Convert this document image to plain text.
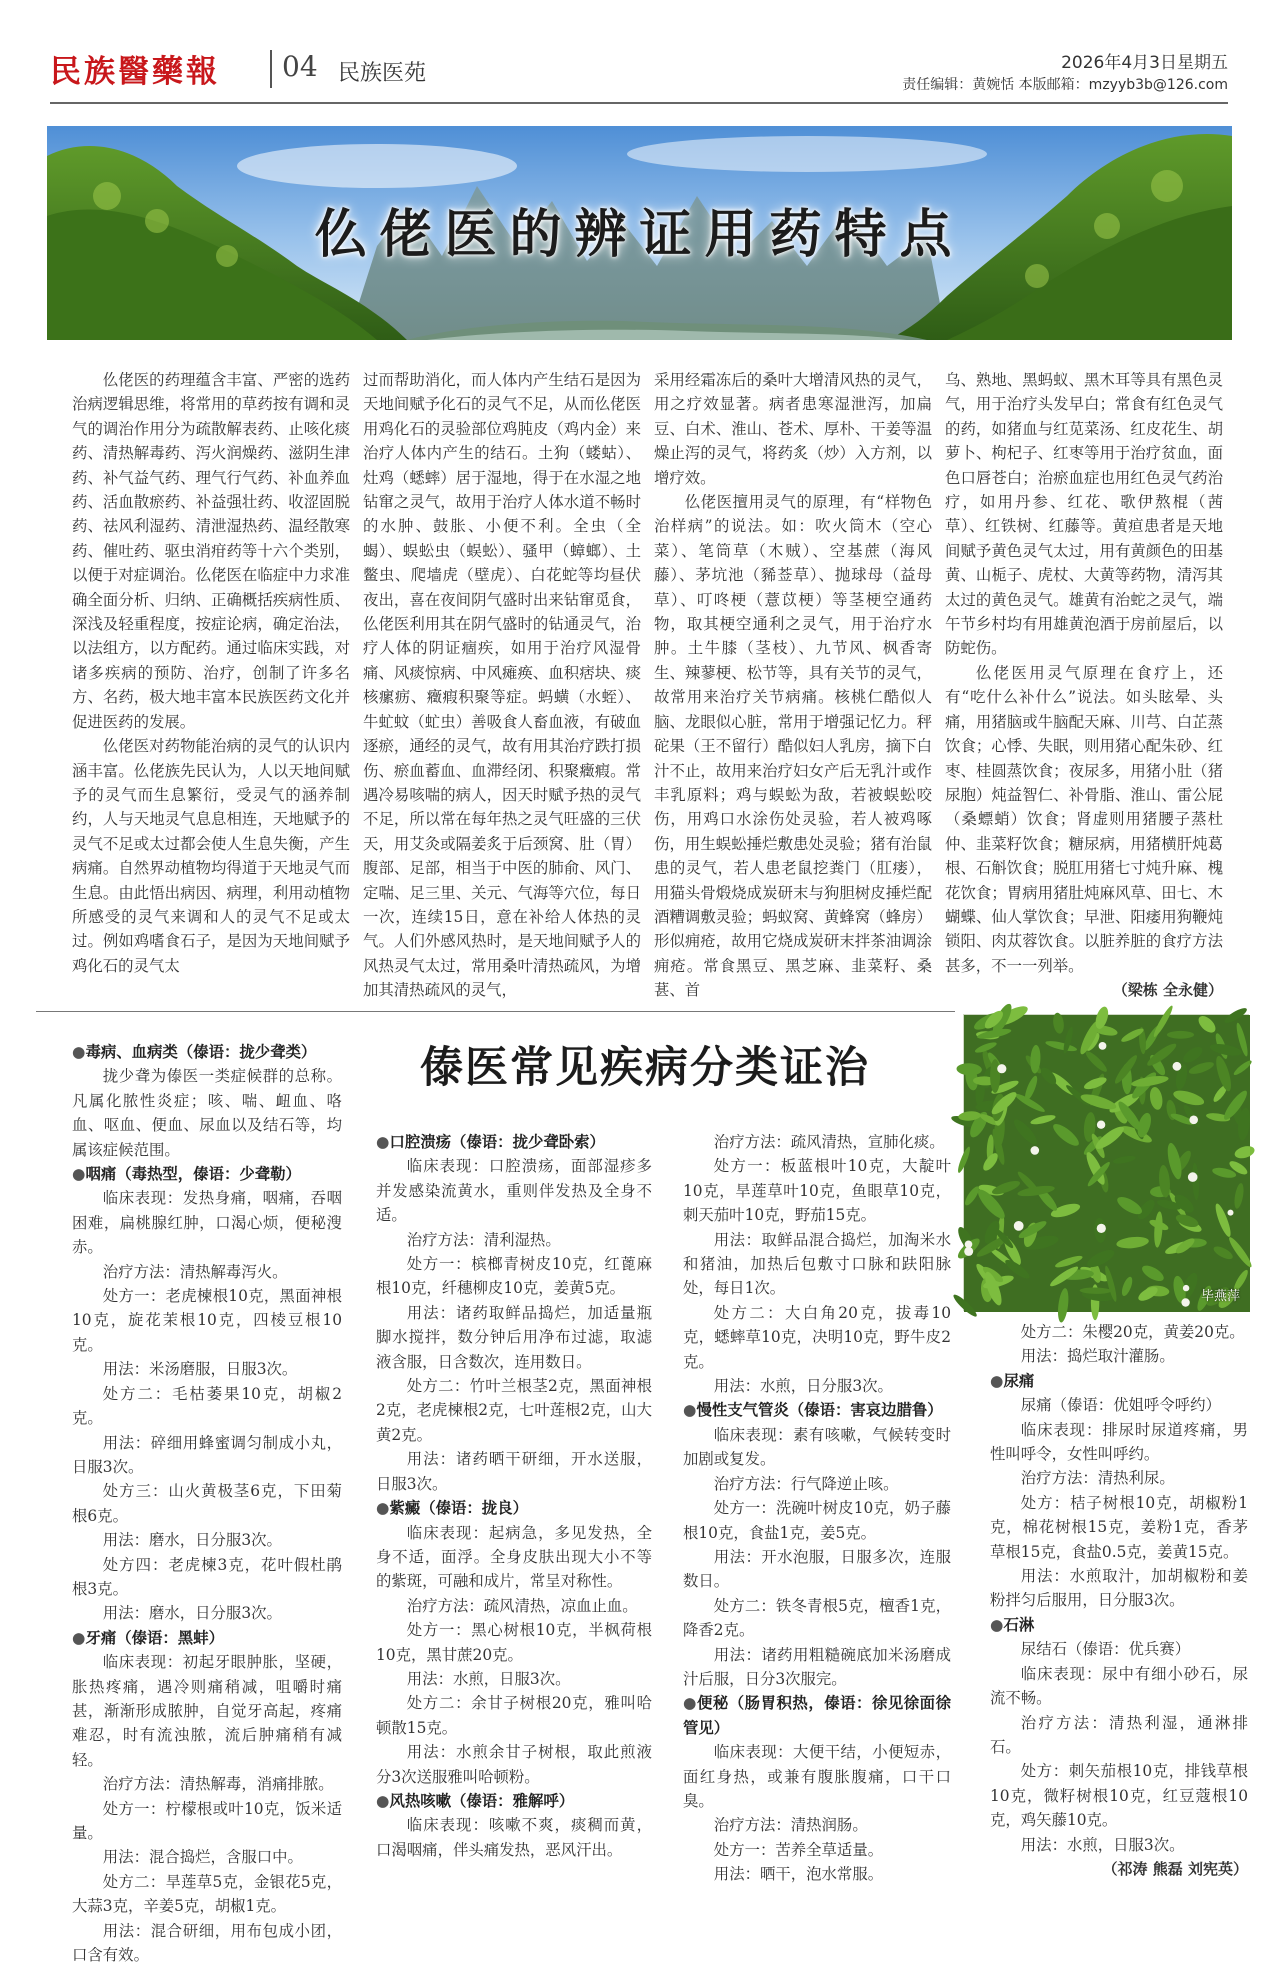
民族醫藥報 04 民族医苑	2026年4月3日星期五
责任编辑：黄婉恬 本版邮箱：mzyyb3b@126.com
仫佬医的辨证用药特点

仫佬医的药理蕴含丰富、严密的选药治病逻辑思维，将常用的草药按有调和灵气的调治作用分为疏散解表药、止咳化痰药、清热解毒药、泻火润燥药、滋阴生津药、补气益气药、理气行气药、补血养血药、活血散瘀药、补益强壮药、收涩固脱药、祛风利湿药、清泄湿热药、温经散寒药、催吐药、驱虫消疳药等十六个类别，以便于对症调治。仫佬医在临症中力求准确全面分析、归纳、正确概括疾病性质、深浅及轻重程度，按症论病，确定治法，以法组方，以方配药。通过临床实践，对诸多疾病的预防、治疗，创制了许多名方、名药，极大地丰富本民族医药文化并促进医药的发展。

仫佬医对药物能治病的灵气的认识内涵丰富。仫佬族先民认为，人以天地间赋予的灵气而生息繁衍，受灵气的涵养制约，人与天地灵气息息相连，天地赋予的灵气不足或太过都会使人生息失衡，产生病痛。自然界动植物均得道于天地灵气而生息。由此悟出病因、病理，利用动植物所感受的灵气来调和人的灵气不足或太过。例如鸡嗜食石子，是因为天地间赋予鸡化石的灵气太

过而帮助消化，而人体内产生结石是因为天地间赋予化石的灵气不足，从而仫佬医用鸡化石的灵验部位鸡肫皮（鸡内金）来治疗人体内产生的结石。土狗（蝼蛄）、灶鸡（蟋蟀）居于湿地，得于在水湿之地钻窜之灵气，故用于治疗人体水道不畅时的水肿、鼓胀、小便不利。全虫（全蝎）、蜈蚣虫（蜈蚣）、骚甲（蟑螂）、土鳖虫、爬墙虎（壁虎）、白花蛇等均昼伏夜出，喜在夜间阴气盛时出来钻窜觅食，仫佬医利用其在阴气盛时的钻通灵气，治疗人体的阴证痼疾，如用于治疗风湿骨痛、风痰惊病、中风瘫痪、血积痞块、痰核瘰疬、癥瘕积聚等症。蚂蟥（水蛭）、牛虻蚊（虻虫）善吸食人畜血液，有破血逐瘀，通经的灵气，故有用其治疗跌打损伤、瘀血蓄血、血滞经闭、积聚癥瘕。常遇冷易咳喘的病人，因天时赋予热的灵气不足，所以常在每年热之灵气旺盛的三伏天，用艾灸或隔姜炙于后颈窝、肚（胃）腹部、足部，相当于中医的肺俞、风门、定喘、足三里、关元、气海等穴位，每日一次，连续15日，意在补给人体热的灵气。人们外感风热时，是天地间赋予人的风热灵气太过，常用桑叶清热疏风，为增加其清热疏风的灵气，

采用经霜冻后的桑叶大增清风热的灵气，用之疗效显著。病者患寒湿泄泻，加扁豆、白术、淮山、苍术、厚朴、干姜等温燥止泻的灵气，将药炙（炒）入方剂，以增疗效。

仫佬医擅用灵气的原理，有“样物色治样病”的说法。如：吹火筒木（空心菜）、笔筒草（木贼）、空基蔗（海风藤）、茅坑池（豨莶草）、抛球母（益母草）、叮咚梗（薏苡梗）等茎梗空通药物，取其梗空通利之灵气，用于治疗水肿。土牛膝（茎枝）、九节风、枫香寄生、辣蓼梗、松节等，具有关节的灵气，故常用来治疗关节病痛。核桃仁酷似人脑、龙眼似心脏，常用于增强记忆力。秤砣果（王不留行）酷似妇人乳房，摘下白汁不止，故用来治疗妇女产后无乳汁或作丰乳原料；鸡与蜈蚣为敌，若被蜈蚣咬伤，用鸡口水涂伤处灵验，若人被鸡啄伤，用生蜈蚣捶烂敷患处灵验；猪有治鼠患的灵气，若人患老鼠挖粪门（肛瘘），用猫头骨煅烧成炭研末与狗胆树皮捶烂配酒糟调敷灵验；蚂蚁窝、黄蜂窝（蜂房）形似痈疮，故用它烧成炭研末拌茶油调涂痈疮。常食黑豆、黑芝麻、韭菜籽、桑葚、首

乌、熟地、黑蚂蚁、黑木耳等具有黑色灵气，用于治疗头发早白；常食有红色灵气的药，如猪血与红苋菜汤、红皮花生、胡萝卜、枸杞子、红枣等用于治疗贫血，面色口唇苍白；治瘀血症也用红色灵气药治疗，如用丹参、红花、歌伊熬棍（茜草）、红铁树、红藤等。黄疸患者是天地间赋予黄色灵气太过，用有黄颜色的田基黄、山栀子、虎杖、大黄等药物，清泻其太过的黄色灵气。雄黄有治蛇之灵气，端午节乡村均有用雄黄泡酒于房前屋后，以防蛇伤。

仫佬医用灵气原理在食疗上，还有“吃什么补什么”说法。如头眩晕、头痛，用猪脑或牛脑配天麻、川芎、白芷蒸饮食；心悸、失眠，则用猪心配朱砂、红枣、桂圆蒸饮食；夜尿多，用猪小肚（猪尿胞）炖益智仁、补骨脂、淮山、雷公屁（桑螵蛸）饮食；肾虚则用猪腰子蒸杜仲、韭菜籽饮食；糖尿病，用猪横肝炖葛根、石斛饮食；脱肛用猪七寸炖升麻、槐花饮食；胃病用猪肚炖麻风草、田七、木蝴蝶、仙人掌饮食；早泄、阳痿用狗鞭炖锁阳、肉苁蓉饮食。以脏养脏的食疗方法甚多，不一一列举。

（梁栋 全永健）
傣医常见疾病分类证治
毕燕萍

●毒病、血病类（傣语：拢少聋类）

拢少聋为傣医一类症候群的总称。凡属化脓性炎症；咳、喘、衄血、咯血、呕血、便血、尿血以及结石等，均属该症候范围。

●咽痛（毒热型，傣语：少聋勒）

临床表现：发热身痛，咽痛，吞咽困难，扁桃腺红肿，口渴心烦，便秘溲赤。

治疗方法：清热解毒泻火。

处方一：老虎楝根10克，黑面神根10克，旋花茉根10克，四棱豆根10克。

用法：米汤磨服，日服3次。

处方二：毛枯萎果10克，胡椒2克。

用法：碎细用蜂蜜调匀制成小丸，日服3次。

处方三：山火黄极茎6克，下田菊根6克。

用法：磨水，日分服3次。

处方四：老虎楝3克，花叶假杜鹃根3克。

用法：磨水，日分服3次。

●牙痛（傣语：黑蚌）

临床表现：初起牙眼肿胀，坚硬，胀热疼痛，遇冷则痛稍减，咀嚼时痛甚，渐渐形成脓肿，自觉牙高起，疼痛难忍，时有流浊脓，流后肿痛稍有减轻。

治疗方法：清热解毒，消痛排脓。

处方一：柠檬根或叶10克，饭米适量。

用法：混合捣烂，含服口中。

处方二：旱莲草5克，金银花5克，大蒜3克，辛姜5克，胡椒1克。

用法：混合研细，用布包成小团，口含有效。

●口腔溃疡（傣语：拢少聋卧索）

临床表现：口腔溃疡，面部湿疹多并发感染流黄水，重则伴发热及全身不适。

治疗方法：清利湿热。

处方一：槟榔青树皮10克，红蓖麻根10克，纤穗柳皮10克，姜黄5克。

用法：诸药取鲜品捣烂，加适量瓶脚水搅拌，数分钟后用净布过滤，取滤液含服，日含数次，连用数日。

处方二：竹叶兰根茎2克，黑面神根2克，老虎楝根2克，七叶莲根2克，山大黄2克。

用法：诸药晒干研细，开水送服，日服3次。

●紫癜（傣语：拢良）

临床表现：起病急，多见发热，全身不适，面浮。全身皮肤出现大小不等的紫斑，可融和成片，常呈对称性。

治疗方法：疏风清热，凉血止血。

处方一：黑心树根10克，半枫荷根10克，黑甘蔗20克。

用法：水煎，日服3次。

处方二：余甘子树根20克，雅叫哈顿散15克。

用法：水煎余甘子树根，取此煎液分3次送服雅叫哈顿粉。

●风热咳嗽（傣语：雅解呼）

临床表现：咳嗽不爽，痰稠而黄，口渴咽痛，伴头痛发热，恶风汗出。

治疗方法：疏风清热，宣肺化痰。

处方一：板蓝根叶10克，大靛叶10克，旱莲草叶10克，鱼眼草10克，刺天茄叶10克，野茄15克。

用法：取鲜品混合捣烂，加淘米水和猪油，加热后包敷寸口脉和趺阳脉处，每日1次。

处方二：大白角20克，拔毒10克，蟋蟀草10克，决明10克，野牛皮2克。

用法：水煎，日分服3次。

●慢性支气管炎（傣语：害哀边腊鲁）

临床表现：素有咳嗽，气候转变时加剧或复发。

治疗方法：行气降逆止咳。

处方一：洗碗叶树皮10克，奶子藤根10克，食盐1克，姜5克。

用法：开水泡服，日服多次，连服数日。

处方二：铁冬青根5克，檀香1克，降香2克。

用法：诸药用粗糙碗底加米汤磨成汁后服，日分3次服完。

●便秘（肠胃积热，傣语：徐见徐面徐管见）

临床表现：大便干结，小便短赤，面红身热，或兼有腹胀腹痛，口干口臭。

治疗方法：清热润肠。

处方一：苦养全草适量。

用法：晒干，泡水常服。

处方二：朱樱20克，黄姜20克。

用法：捣烂取汁灌肠。

●尿痛

尿痛（傣语：优姐呼令呼约）

临床表现：排尿时尿道疼痛，男性叫呼令，女性叫呼约。

治疗方法：清热利尿。

处方：桔子树根10克，胡椒粉1克，棉花树根15克，姜粉1克，香茅草根15克，食盐0.5克，姜黄15克。

用法：水煎取汁，加胡椒粉和姜粉拌匀后服用，日分服3次。

●石淋

尿结石（傣语：优兵赛）

临床表现：尿中有细小砂石，尿流不畅。

治疗方法：清热利湿，通淋排石。

处方：刺矢茄根10克，排钱草根10克，微籽树根10克，红豆蔻根10克，鸡矢藤10克。

用法：水煎，日服3次。

（祁涛 熊磊 刘宪英）
